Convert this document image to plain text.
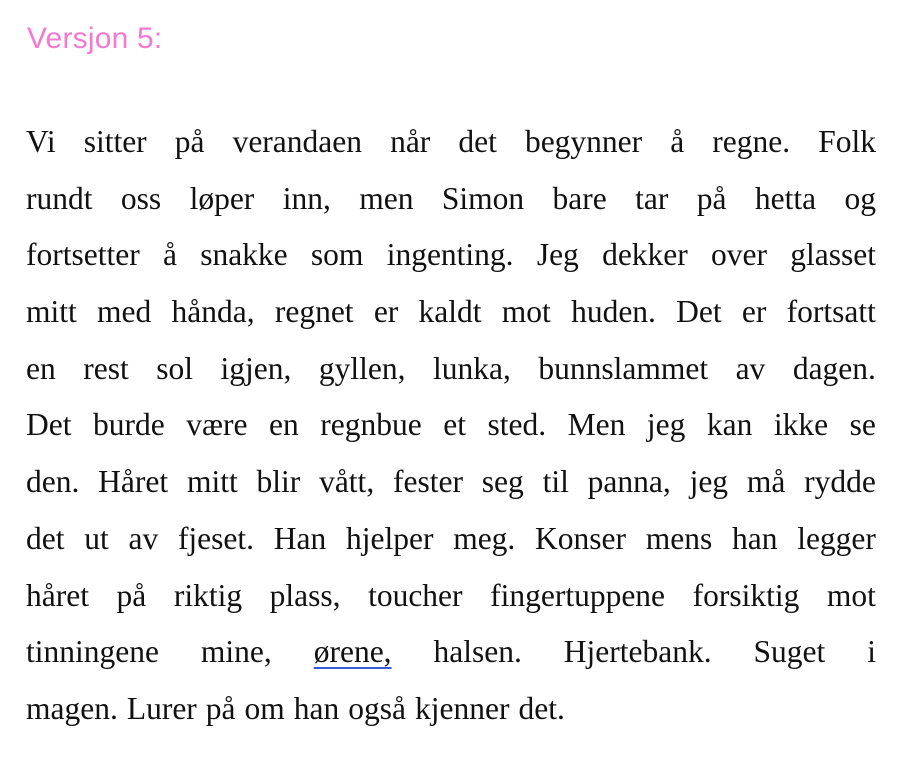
Versjon 5:
Vi sitter på verandaen når det begynner å regne. Folk
rundt oss løper inn, men Simon bare tar på hetta og
fortsetter å snakke som ingenting. Jeg dekker over glasset
mitt med hånda, regnet er kaldt mot huden. Det er fortsatt
en rest sol igjen, gyllen, lunka, bunnslammet av dagen.
Det burde være en regnbue et sted. Men jeg kan ikke se
den. Håret mitt blir vått, fester seg til panna, jeg må rydde
det ut av fjeset. Han hjelper meg. Konser mens han legger
håret på riktig plass, toucher fingertuppene forsiktig mot
tinningene mine, ørene, halsen. Hjertebank. Suget i
magen. Lurer på om han også kjenner det.
